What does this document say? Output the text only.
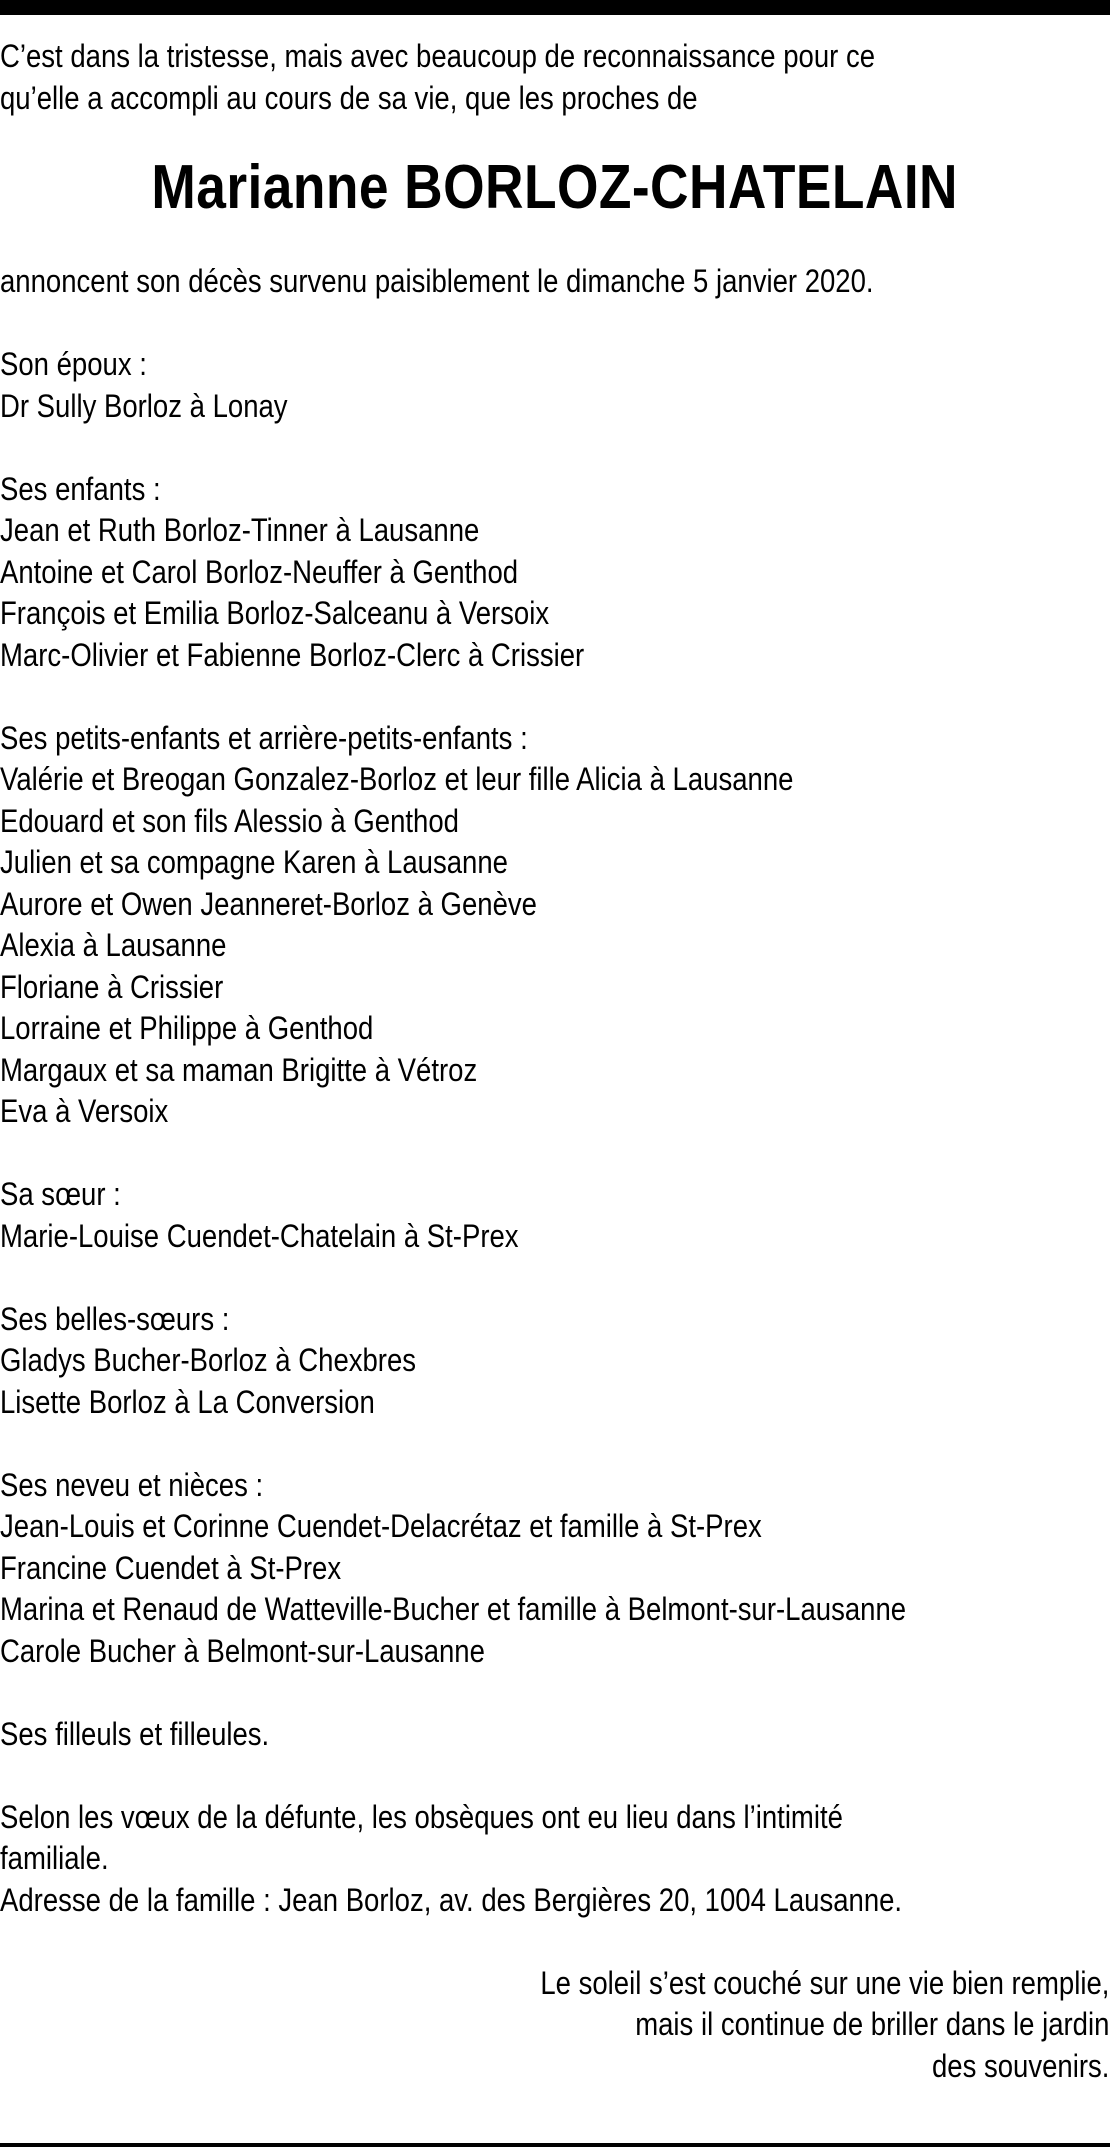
C’est dans la tristesse, mais avec beaucoup de reconnaissance pour ce
qu’elle a accompli au cours de sa vie, que les proches de
Marianne BORLOZ-CHATELAIN
annoncent son décès survenu paisiblement le dimanche 5 janvier 2020.
Son époux :
Dr Sully Borloz à Lonay
Ses enfants :
Jean et Ruth Borloz-Tinner à Lausanne
Antoine et Carol Borloz-Neuffer à Genthod
François et Emilia Borloz-Salceanu à Versoix
Marc-Olivier et Fabienne Borloz-Clerc à Crissier
Ses petits-enfants et arrière-petits-enfants :
Valérie et Breogan Gonzalez-Borloz et leur fille Alicia à Lausanne
Edouard et son fils Alessio à Genthod
Julien et sa compagne Karen à Lausanne
Aurore et Owen Jeanneret-Borloz à Genève
Alexia à Lausanne
Floriane à Crissier
Lorraine et Philippe à Genthod
Margaux et sa maman Brigitte à Vétroz
Eva à Versoix
Sa sœur :
Marie-Louise Cuendet-Chatelain à St-Prex
Ses belles-sœurs :
Gladys Bucher-Borloz à Chexbres
Lisette Borloz à La Conversion
Ses neveu et nièces :
Jean-Louis et Corinne Cuendet-Delacrétaz et famille à St-Prex
Francine Cuendet à St-Prex
Marina et Renaud de Watteville-Bucher et famille à Belmont-sur-Lausanne
Carole Bucher à Belmont-sur-Lausanne
Ses filleuls et filleules.
Selon les vœux de la défunte, les obsèques ont eu lieu dans l’intimité
familiale.
Adresse de la famille : Jean Borloz, av. des Bergières 20, 1004 Lausanne.
Le soleil s’est couché sur une vie bien remplie,
mais il continue de briller dans le jardin
des souvenirs.
